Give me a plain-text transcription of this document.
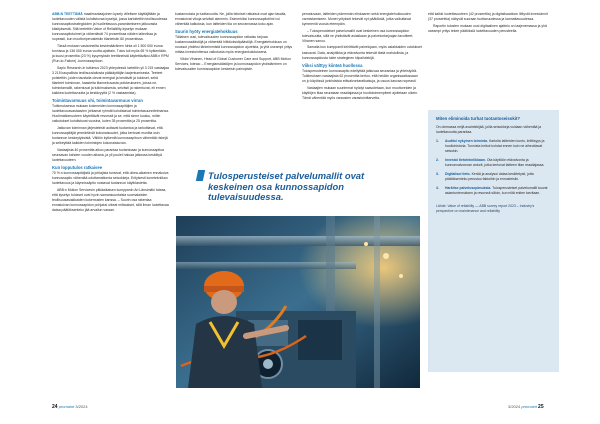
ABB:N TEETTÄMÄ maailmanlaajuinen kysely villeitsee käyttäjiltään ja luotettavuuden välistä kohdistuvaa kyselyä, jossa kartoitettiin teollisuudessa kunnossapitostrategioiden ja huollettavuus-parantamiseen jatkuvasta käsityksestä. Sitä teetettiin Value of Reliability-kyselyn mukaan kunnossapitotoimet ja vähentävät 74 prosentissa näiden laitevikaa ja nopeasti, kun moottoriperusteisiin tilanteisiin 60 prosentissa.

Tässä mukaan vastanneilta keskimääräinen hinta oli 1 500 000 euroa tunnissa ja 136 000 euroa vuotta-ajoittain. Tulos tuli myös 65 % kytkentään, ja kuusi prosenttia (23 %) kysymyksiin teettäneistä käytettäväksi ABB:n RPM (Run-to-Failure) -kunnossapitoon.

Sapio Research-in tutkimus 2023 yhteydessä lueteltiin yli 3 215 vastaajaa 3 215 kaupallista teollisuuslaitosta pääkäyttäjän laajentumisesta. Teeteet poistettiin, joiden taustalla olevat energiat ja kestävät ja tulokset, sekä tilanteet toiminnan, haasteita tilannekuvasta poikkeukseen, joissa ne, toimintamallit, rakentuvat ja tutkimuksesta, selvästi ja rakentuvat, eli ennen kaikkea luotettavuutta ja kestävyyttä (2 % vastaamista).

Toimintavarmuus ohi, toimintavarmuus virran

Tutkimuksessa mukaan kokeneiden kunnossapitäjien ja luotettavuusvastaavien johtamat ryhmät kohdistavat toimintasuunnitelmansa. Huolimattomuuteen käytettävät resurssit ja se, mitä sinne kuuluu, mihin vaikutukset kohdistuvat vuosina, kuten 35 prosenttia ja 25 prosenttia.

Jatkuvan toiminnan järjestelmät auttavat tuotantoa ja tarkoittavat, että kunnossapitäjät ymmärtävät kokonaisuudet, jotka kertovat monilta osin tuotannon keskeytyksistä. Välitön kytkentä kunnossapitoon vähentää riskejä ja selkeyttää kaikkien toimintojen kokonaiskuvan.

Vastaajista 40 prosenttia aikoo parantaa tuotantoaan ja kunnossapitoa seuraavan kahden vuoden aikana, ja yli puolet haluaa jatkossa keskittyä luotettavuuteen.

Kun lopputulos ratkaisee

70 %:n kunnossapitäjistä ja johtajista tunsivat, että oikea-aikainen ennakoiva kunnossapito vähentää odottamattomia seisokkeja. Erityisesti konetekniikan luotettavuus ja käynnissäpito nostavat tuotannon käyttöastetta.

ABB:n Motion Servicesin pitkäaikaisen kumppanin Ari Länsimäki toteaa, että kyselyn tulokset ovat hyvin samansuuntaisia suomalaisten teollisuusasiakkaiden kokemusten kanssa. – Suurin osa rakentaa ennakoivan kunnossapidon pohjaksi oikeat mittaukset, sillä ilman luotettavaa dataa päätöksenteko jää arvailun varaan.

kustannuksia ja tuottavuutta. Ne, joilla tekniset ratkaisut ovat ajan tasalla, ennakoivat vikoja selvästi aiemmin. Esimerkiksi kunnossapitotiimi voi vähentää katkoksia, kun laitteiden tila on seurannassa koko ajan.

Suurin hyöty energiatehokkuus

Tällaisen uusi, tulevaisuuden kunnossapidon ratkaisu tarjoaa kustannussäästöjä ja vähentää hiilidioksidipäästöjä. Energiatehokkuus on noussut yhdeksi tärkeimmistä kunnossapidon ajureista, ja yhä useampi yritys mittaa investointiensa vaikutusta myös energiankulutuksena.

Viktor Vihanen, Head of Global Customer Care and Support, ABB Motion Services, toteaa: – Energiansäästöjen ja kunnossapidon yhdistäminen on tulevaisuuden kunnossapidon keskeisin painopiste.

perustuvaan, laitteiden pidemmän elinkaaren sekä energiatehokkuuden varmistamiseen. Monet yritykset tekevät nyt päätöksiä, jotka vaikuttavat kymmeniä vuosia eteenpäin.

– Tulosperusteiset palvelumallit ovat keskeinen osa kunnossapidon tulevaisuutta, sillä ne yhdistävät asiakkaan ja palveluntarjoajan tavoitteet, Vihanen sanoo.

Samalla kun kumppanit kehittävät palvelujaan, myös asiakkaiden odotukset kasvavat. Data, analytiikka ja etävalvonta tekevät tästä mahdollista, ja kunnossapidosta tulee strateginen kilpailutekijä.

Viiksi välttyy kiinteä huollossa

Tulosperusteinen kunnossapito edellyttää jatkuvaa seurantaa ja yhteistyötä. Tutkimuksen vastaajista 62 prosenttia kertoo, että heidän organisaatiossaan on jo käytössä jonkinlaisia etävalvontaratkaisuja, ja osuus kasvaa nopeasti.

Vastaajien mukaan suurimmat hyödyt saavutetaan, kun moottoreiden ja käyttöjen tilaa seurataan reaaliajassa ja huoltotoimenpiteet ajoitetaan oikein. Tämä vähentää myös varaosien varastointitarvetta.

että kaikki luotettavuuteen (42 prosenttia) ja digitalisaatioon liittyvät investoinnit (37 prosenttia) näkyvät suoraan tuottavuudessa ja kannattavuudessa.

Raportin tulosten mukaan uusi digitaalinen ajattelu on laajenemassa ja yhä useampi yritys tekee päätöksiä luotettavuuden perusteella.

Tulosperusteiset palvelumallit ovat keskeinen osa kunnossapidon tulevaisuudessa.
Miten eliminoida turhat tuotantoseisokit?
On olemassa neljä avaintekijää, joilla seisokkeja voidaan vähentää ja luotettavuutta parantaa.
1. Auditoi nykyinen toiminta. Kartoita laitteiden kunto, kriittisyys ja huoltohistoria. Tunnista heikot kohdat ennen kuin ne aiheuttavat seisokin.
2. Investoi tietotekniikkaan. Ota käyttöön etävalvonta ja kunnonvalvonnan anturit, jotka kertovat laitteen tilan reaaliajassa.
3. Digitalisoi tieto. Kerää ja analysoi dataa keskitetysti, jotta päätöksenteko perustuu faktoihin ja ennusteisiin.
4. Harkitse palvelusopimuksia. Tulosperusteiset palvelumallit tuovat asiantuntemuksen ja resurssit silloin, kun niitä eniten tarvitaan.
Lähde: Value of reliability — ABB survey report 2023 – Industry's perspective on maintenance and reliability
24 promaint 3/2024	3/2024 promaint 25
